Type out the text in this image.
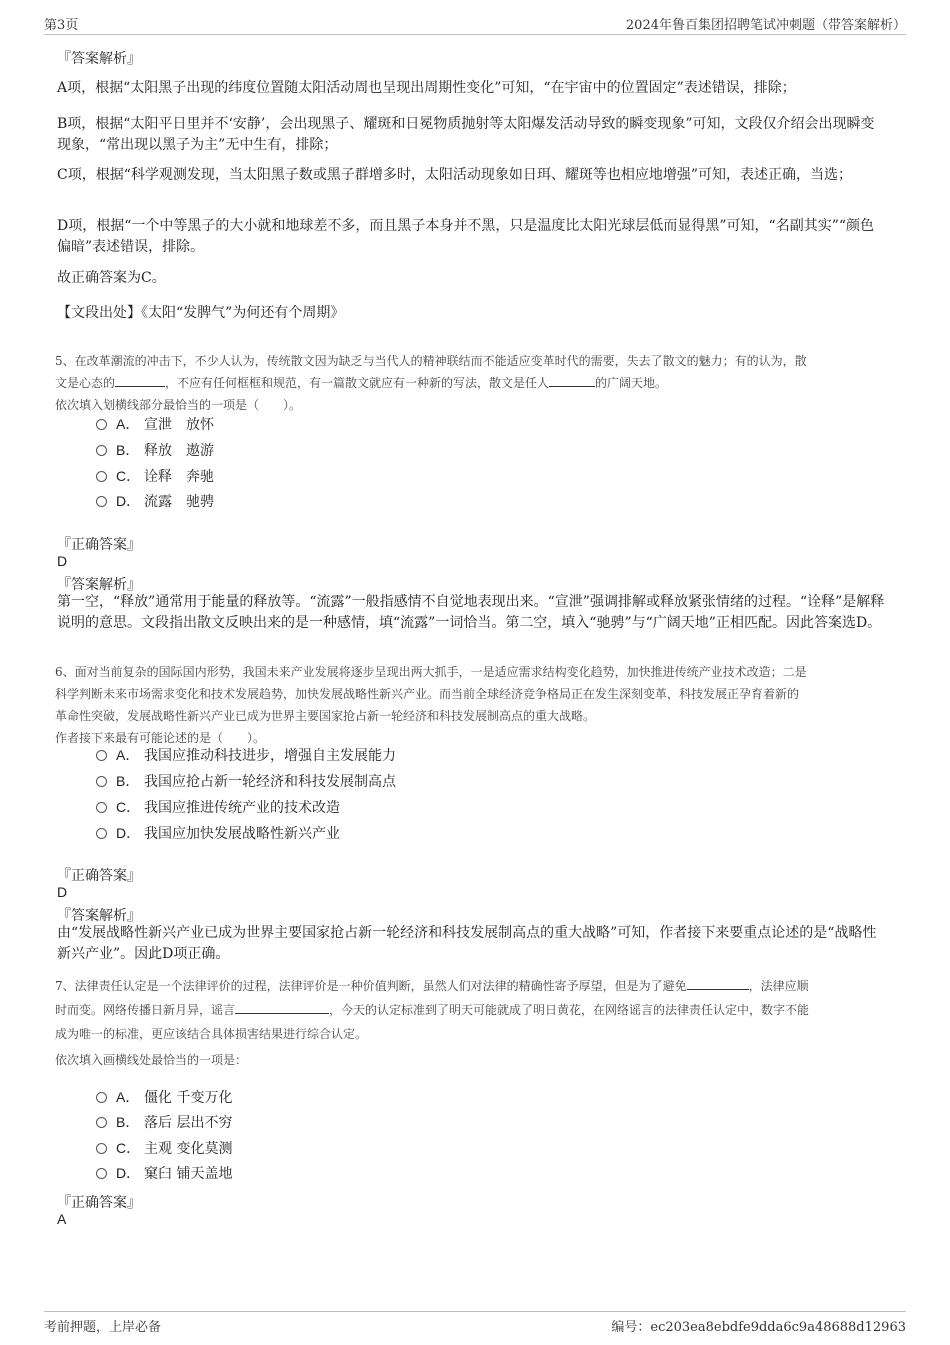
第3页	2024年鲁百集团招聘笔试冲刺题（带答案解析）
『答案解析』
A项，根据“太阳黑子出现的纬度位置随太阳活动周也呈现出周期性变化”可知，“在宇宙中的位置固定”表述错误，排除；
B项，根据“太阳平日里并不‘安静’，会出现黑子、耀斑和日冕物质抛射等太阳爆发活动导致的瞬变现象”可知，文段仅介绍会出现瞬变现象，“常出现以黑子为主”无中生有，排除；
C项，根据“科学观测发现，当太阳黑子数或黑子群增多时，太阳活动现象如日珥、耀斑等也相应地增强”可知，表述正确，当选；
D项，根据“一个中等黑子的大小就和地球差不多，而且黑子本身并不黑，只是温度比太阳光球层低而显得黑”可知，“名副其实”“颜色偏暗”表述错误，排除。
故正确答案为C。
【文段出处】《太阳“发脾气”为何还有个周期》
5、在改革潮流的冲击下，不少人认为，传统散文因为缺乏与当代人的精神联结而不能适应变革时代的需要，失去了散文的魅力；有的认为，散
文是心态的	，不应有任何框框和规范，有一篇散文就应有一种新的写法，散文是任人	的广阔天地。
依次填入划横线部分最恰当的一项是（　　）。
A． 宣泄　放怀
B． 释放　遨游
C． 诠释　奔驰
D． 流露　驰骋
『正确答案』
D
『答案解析』
第一空，“释放”通常用于能量的释放等。“流露”一般指感情不自觉地表现出来。“宣泄”强调排解或释放紧张情绪的过程。“诠释”是解释说明的意思。文段指出散文反映出来的是一种感情，填“流露”一词恰当。第二空，填入“驰骋”与“广阔天地”正相匹配。因此答案选D。
6、面对当前复杂的国际国内形势，我国未来产业发展将逐步呈现出两大抓手，一是适应需求结构变化趋势，加快推进传统产业技术改造；二是
科学判断未来市场需求变化和技术发展趋势，加快发展战略性新兴产业。而当前全球经济竞争格局正在发生深刻变革，科技发展正孕育着新的
革命性突破，发展战略性新兴产业已成为世界主要国家抢占新一轮经济和科技发展制高点的重大战略。
作者接下来最有可能论述的是（　　）。
A． 我国应推动科技进步，增强自主发展能力
B． 我国应抢占新一轮经济和科技发展制高点
C． 我国应推进传统产业的技术改造
D． 我国应加快发展战略性新兴产业
『正确答案』
D
『答案解析』
由“发展战略性新兴产业已成为世界主要国家抢占新一轮经济和科技发展制高点的重大战略”可知，作者接下来要重点论述的是“战略性新兴产业”。因此D项正确。
7、法律责任认定是一个法律评价的过程，法律评价是一种价值判断，虽然人们对法律的精确性寄予厚望，但是为了避免	，法律应顺
时而变。网络传播日新月异，谣言	，今天的认定标准到了明天可能就成了明日黄花，在网络谣言的法律责任认定中，数字不能
成为唯一的标准，更应该结合具体损害结果进行综合认定。
依次填入画横线处最恰当的一项是：
A． 僵化 千变万化
B． 落后 层出不穷
C． 主观 变化莫测
D． 窠臼 铺天盖地
『正确答案』
A
考前押题，上岸必备	编号：ec203ea8ebdfe9dda6c9a48688d12963
